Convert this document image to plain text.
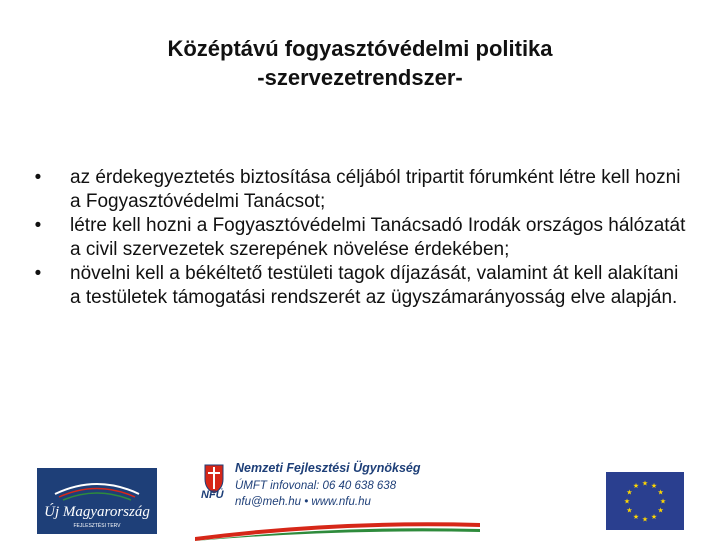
Középtávú fogyasztóvédelmi politika
-szervezetrendszer-
• az érdekegyeztetés biztosítása céljából tripartit fórumként létre kell hozni a Fogyasztóvédelmi Tanácsot;
• létre kell hozni a Fogyasztóvédelmi Tanácsadó Irodák országos hálózatát a civil szervezetek szerepének növelése érdekében;
• növelni kell a békéltető testületi tagok díjazását, valamint át kell alakítani a testületek támogatási rendszerét az ügyszámarányosság elve alapján.
Új Magyarország
FEJLESZTÉSI TERV
NFÜ
Nemzeti Fejlesztési Ügynökség
ÚMFT infovonal: 06 40 638 638
nfu@meh.hu • www.nfu.hu
★ ★
★
★
★
★
★
★
★
★
★
★
